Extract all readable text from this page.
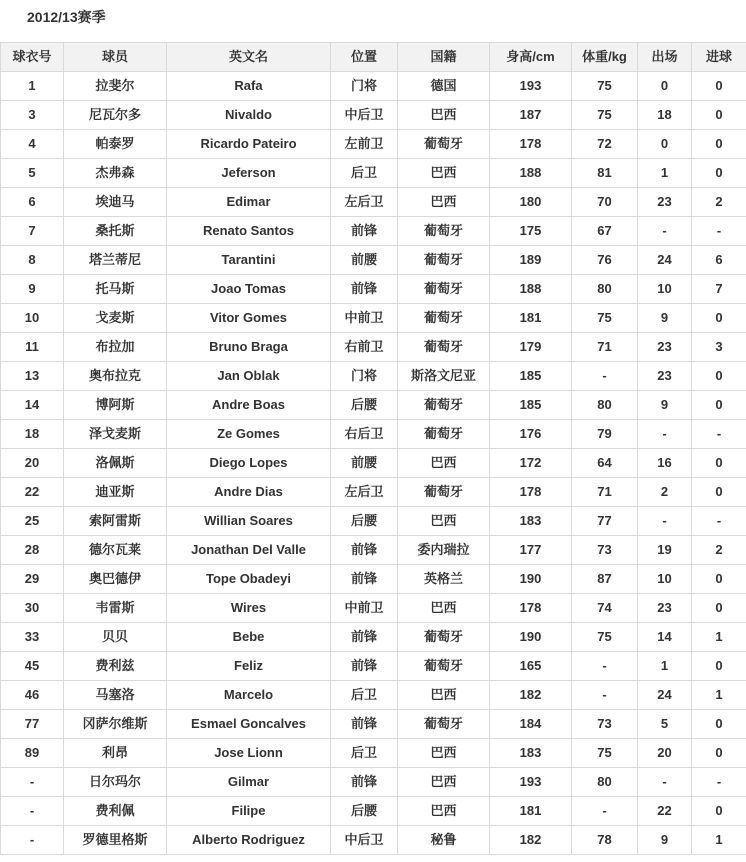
2012/13赛季
球衣号	球员	英文名	位置	国籍	身高/cm	体重/kg	出场	进球
1	拉斐尔	Rafa	门将	德国	193	75	0	0
3	尼瓦尔多	Nivaldo	中后卫	巴西	187	75	18	0
4	帕泰罗	Ricardo Pateiro	左前卫	葡萄牙	178	72	0	0
5	杰弗森	Jeferson	后卫	巴西	188	81	1	0
6	埃迪马	Edimar	左后卫	巴西	180	70	23	2
7	桑托斯	Renato Santos	前锋	葡萄牙	175	67	-	-
8	塔兰蒂尼	Tarantini	前腰	葡萄牙	189	76	24	6
9	托马斯	Joao Tomas	前锋	葡萄牙	188	80	10	7
10	戈麦斯	Vitor Gomes	中前卫	葡萄牙	181	75	9	0
11	布拉加	Bruno Braga	右前卫	葡萄牙	179	71	23	3
13	奥布拉克	Jan Oblak	门将	斯洛文尼亚	185	-	23	0
14	博阿斯	Andre Boas	后腰	葡萄牙	185	80	9	0
18	泽戈麦斯	Ze Gomes	右后卫	葡萄牙	176	79	-	-
20	洛佩斯	Diego Lopes	前腰	巴西	172	64	16	0
22	迪亚斯	Andre Dias	左后卫	葡萄牙	178	71	2	0
25	索阿雷斯	Willian Soares	后腰	巴西	183	77	-	-
28	德尔瓦莱	Jonathan Del Valle	前锋	委内瑞拉	177	73	19	2
29	奥巴德伊	Tope Obadeyi	前锋	英格兰	190	87	10	0
30	韦雷斯	Wires	中前卫	巴西	178	74	23	0
33	贝贝	Bebe	前锋	葡萄牙	190	75	14	1
45	费利兹	Feliz	前锋	葡萄牙	165	-	1	0
46	马塞洛	Marcelo	后卫	巴西	182	-	24	1
77	冈萨尔维斯	Esmael Goncalves	前锋	葡萄牙	184	73	5	0
89	利昂	Jose Lionn	后卫	巴西	183	75	20	0
-	日尔玛尔	Gilmar	前锋	巴西	193	80	-	-
-	费利佩	Filipe	后腰	巴西	181	-	22	0
-	罗德里格斯	Alberto Rodriguez	中后卫	秘鲁	182	78	9	1
